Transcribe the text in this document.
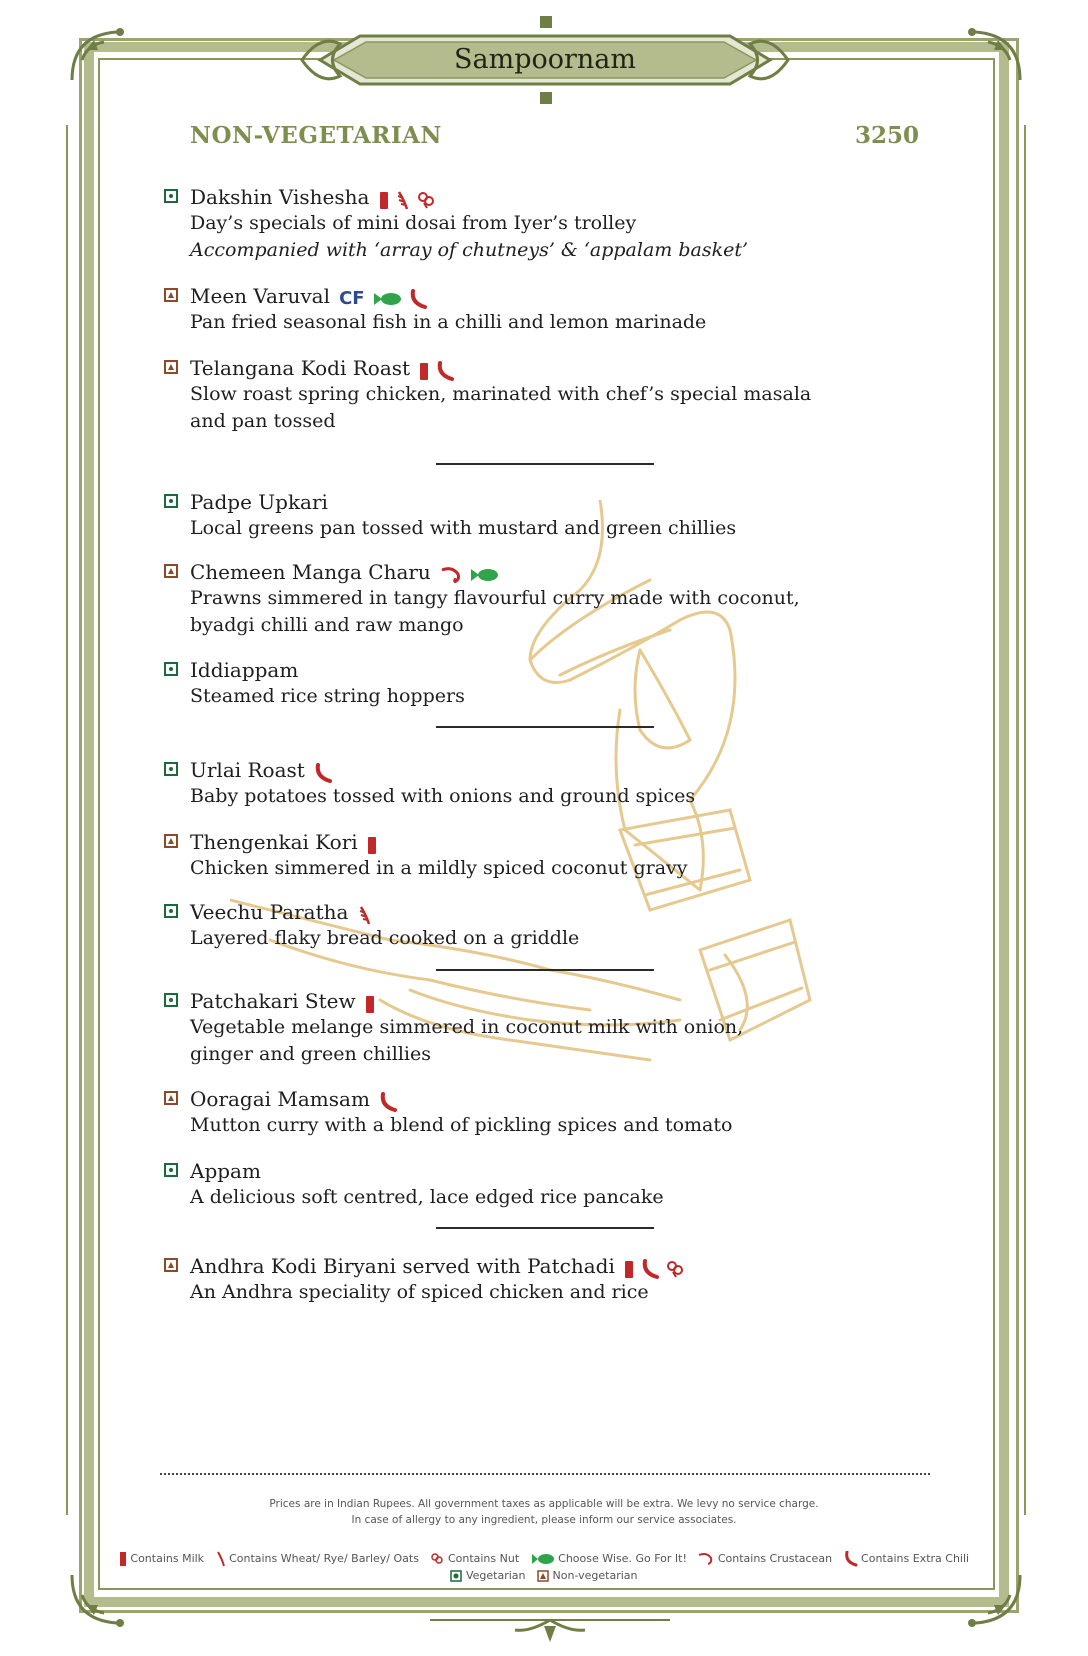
Sampoornam
NON-VEGETARIAN	3250
Dakshin Vishesha
Day’s specials of mini dosai from Iyer’s trolley
Accompanied with ‘array of chutneys’ & ‘appalam basket’
Meen Varuval CF
Pan fried seasonal fish in a chilli and lemon marinade
Telangana Kodi Roast
Slow roast spring chicken, marinated with chef’s special masala
and pan tossed
Padpe Upkari
Local greens pan tossed with mustard and green chillies
Chemeen Manga Charu
Prawns simmered in tangy flavourful curry made with coconut,
byadgi chilli and raw mango
Iddiappam
Steamed rice string hoppers
Urlai Roast
Baby potatoes tossed with onions and ground spices
Thengenkai Kori
Chicken simmered in a mildly spiced coconut gravy
Veechu Paratha
Layered flaky bread cooked on a griddle
Patchakari Stew
Vegetable melange simmered in coconut milk with onion,
ginger and green chillies
Ooragai Mamsam
Mutton curry with a blend of pickling spices and tomato
Appam
A delicious soft centred, lace edged rice pancake
Andhra Kodi Biryani served with Patchadi
An Andhra speciality of spiced chicken and rice
Prices are in Indian Rupees. All government taxes as applicable will be extra. We levy no service charge.
In case of allergy to any ingredient, please inform our service associates.
Contains Milk Contains Wheat/ Rye/ Barley/ Oats	Contains Nut	Choose Wise. Go For It!	Contains Crustacean	Contains Extra Chili
Vegetarian Non-vegetarian
